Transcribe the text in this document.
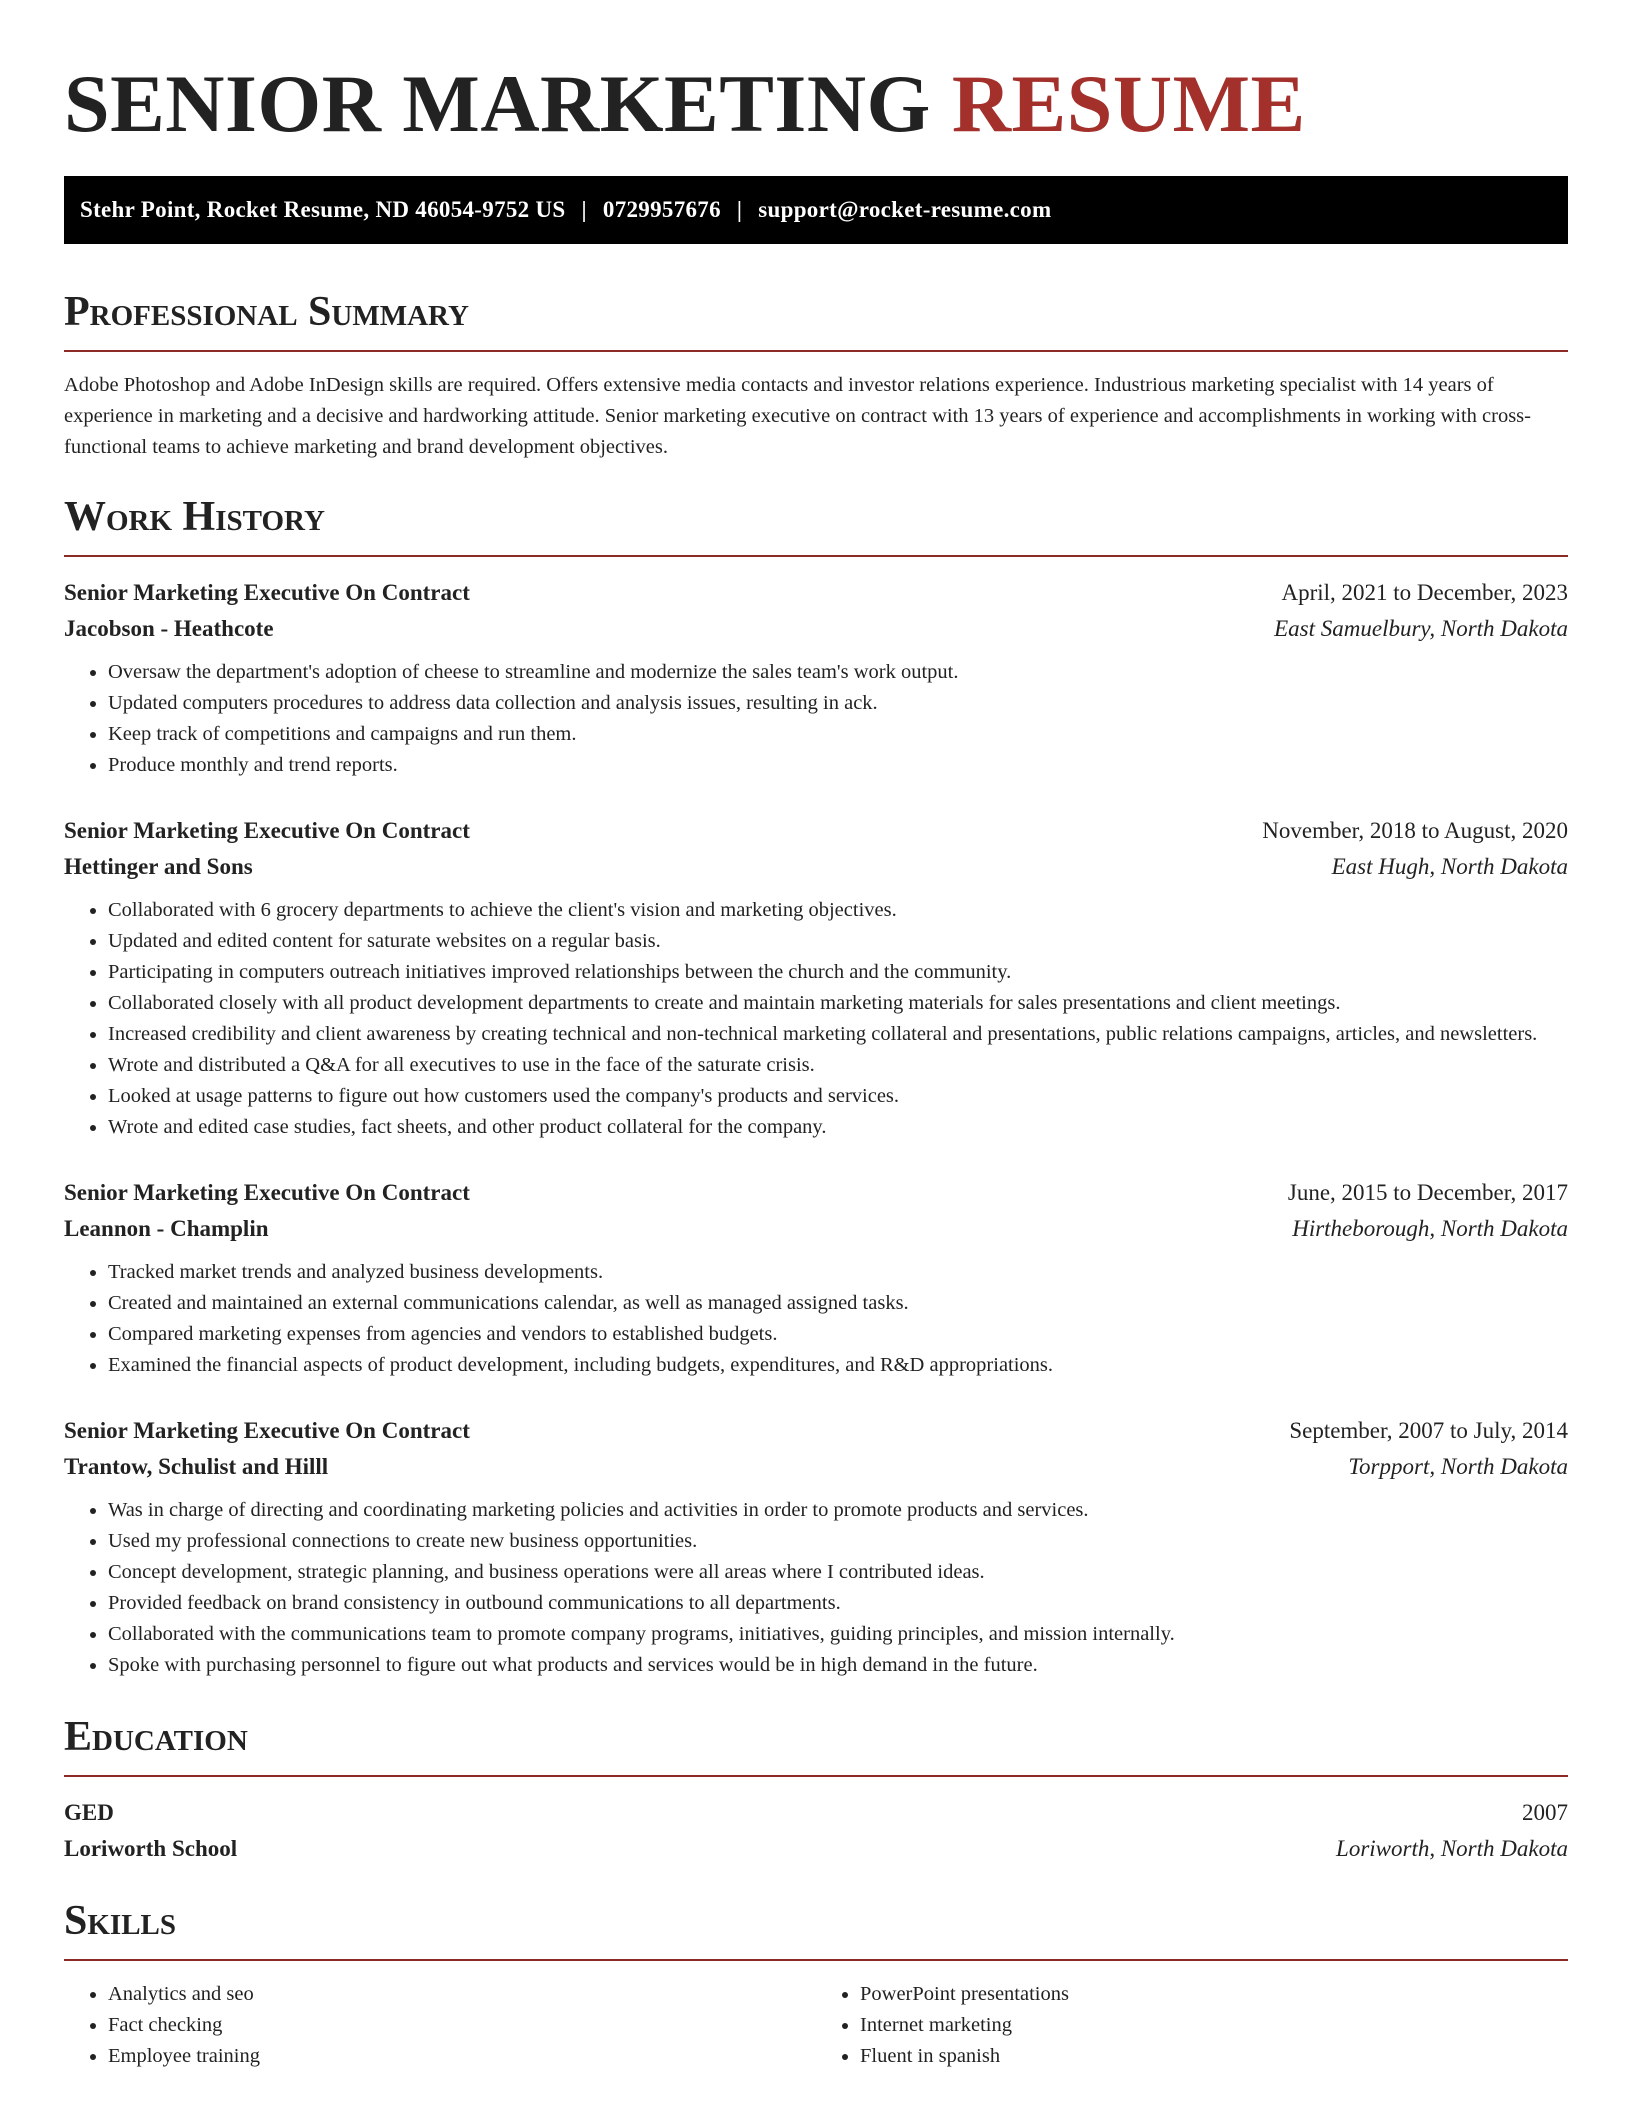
SENIOR MARKETING RESUME
Stehr Point, Rocket Resume, ND 46054-9752 US | 0729957676 | support@rocket-resume.com
Professional Summary

Adobe Photoshop and Adobe InDesign skills are required. Offers extensive media contacts and investor relations experience. Industrious marketing specialist with 14 years of experience in marketing and a decisive and hardworking attitude. Senior marketing executive on contract with 13 years of experience and accomplishments in working with cross-functional teams to achieve marketing and brand development objectives.

Work History
Senior Marketing Executive On Contract	April, 2021 to December, 2023
Jacobson - Heathcote	East Samuelbury, North Dakota
• Oversaw the department's adoption of cheese to streamline and modernize the sales team's work output.
• Updated computers procedures to address data collection and analysis issues, resulting in ack.
• Keep track of competitions and campaigns and run them.
• Produce monthly and trend reports.
Senior Marketing Executive On Contract	November, 2018 to August, 2020
Hettinger and Sons	East Hugh, North Dakota
• Collaborated with 6 grocery departments to achieve the client's vision and marketing objectives.
• Updated and edited content for saturate websites on a regular basis.
• Participating in computers outreach initiatives improved relationships between the church and the community.
• Collaborated closely with all product development departments to create and maintain marketing materials for sales presentations and client meetings.
• Increased credibility and client awareness by creating technical and non-technical marketing collateral and presentations, public relations campaigns, articles, and newsletters.
• Wrote and distributed a Q&A for all executives to use in the face of the saturate crisis.
• Looked at usage patterns to figure out how customers used the company's products and services.
• Wrote and edited case studies, fact sheets, and other product collateral for the company.
Senior Marketing Executive On Contract	June, 2015 to December, 2017
Leannon - Champlin	Hirtheborough, North Dakota
• Tracked market trends and analyzed business developments.
• Created and maintained an external communications calendar, as well as managed assigned tasks.
• Compared marketing expenses from agencies and vendors to established budgets.
• Examined the financial aspects of product development, including budgets, expenditures, and R&D appropriations.
Senior Marketing Executive On Contract	September, 2007 to July, 2014
Trantow, Schulist and Hilll	Torpport, North Dakota
• Was in charge of directing and coordinating marketing policies and activities in order to promote products and services.
• Used my professional connections to create new business opportunities.
• Concept development, strategic planning, and business operations were all areas where I contributed ideas.
• Provided feedback on brand consistency in outbound communications to all departments.
• Collaborated with the communications team to promote company programs, initiatives, guiding principles, and mission internally.
• Spoke with purchasing personnel to figure out what products and services would be in high demand in the future.
Education
GED	2007
Loriworth School	Loriworth, North Dakota
Skills
• Analytics and seo
• Fact checking
• Employee training
• PowerPoint presentations
• Internet marketing
• Fluent in spanish
